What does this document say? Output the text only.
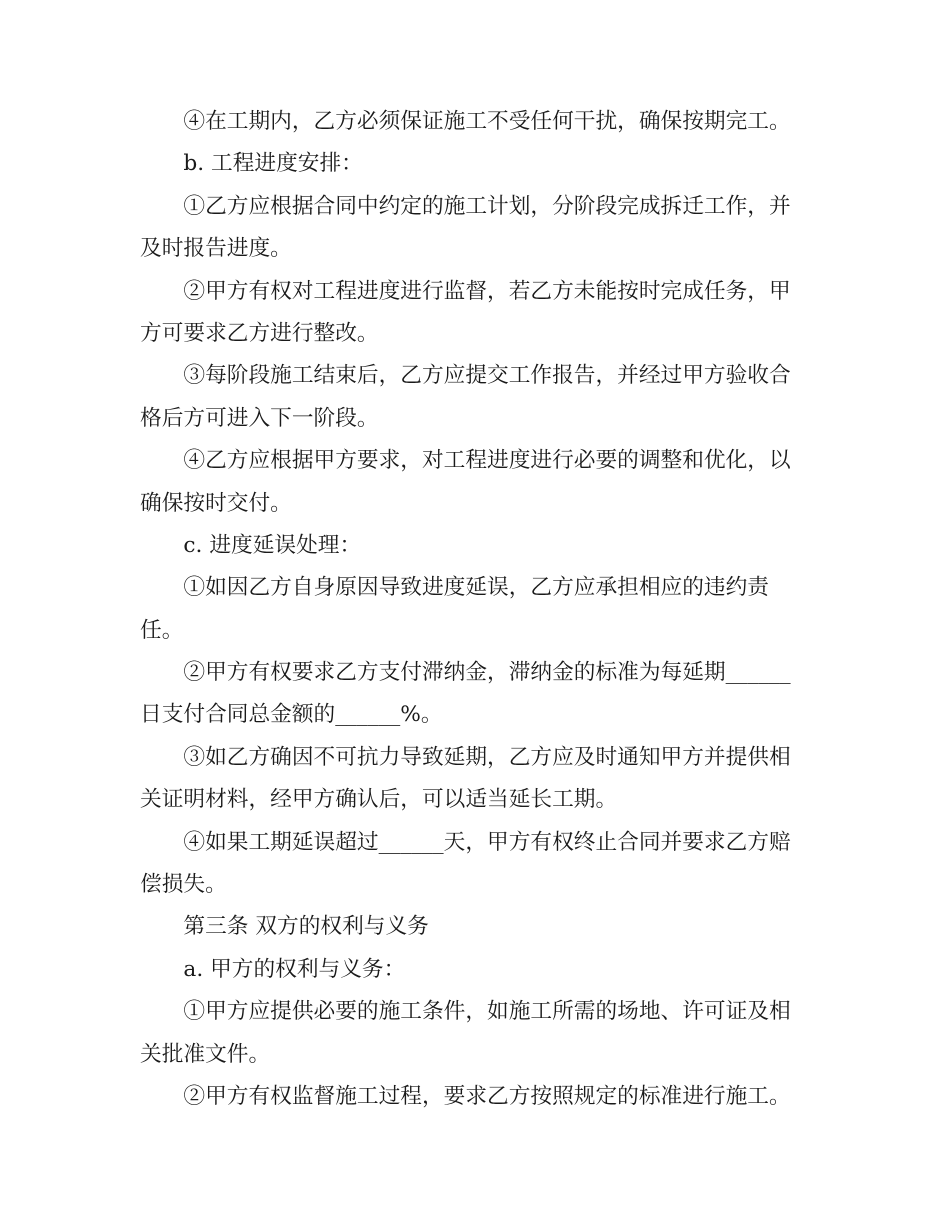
④在工期内，乙方必须保证施工不受任何干扰，确保按期完工。
b. 工程进度安排：
①乙方应根据合同中约定的施工计划，分阶段完成拆迁工作，并
及时报告进度。
②甲方有权对工程进度进行监督，若乙方未能按时完成任务，甲
方可要求乙方进行整改。
③每阶段施工结束后，乙方应提交工作报告，并经过甲方验收合
格后方可进入下一阶段。
④乙方应根据甲方要求，对工程进度进行必要的调整和优化，以
确保按时交付。
c. 进度延误处理：
①如因乙方自身原因导致进度延误，乙方应承担相应的违约责
任。
②甲方有权要求乙方支付滞纳金，滞纳金的标准为每延期______
日支付合同总金额的______%。
③如乙方确因不可抗力导致延期，乙方应及时通知甲方并提供相
关证明材料，经甲方确认后，可以适当延长工期。
④如果工期延误超过______天，甲方有权终止合同并要求乙方赔
偿损失。
第三条 双方的权利与义务
a. 甲方的权利与义务：
①甲方应提供必要的施工条件，如施工所需的场地、许可证及相
关批准文件。
②甲方有权监督施工过程，要求乙方按照规定的标准进行施工。
